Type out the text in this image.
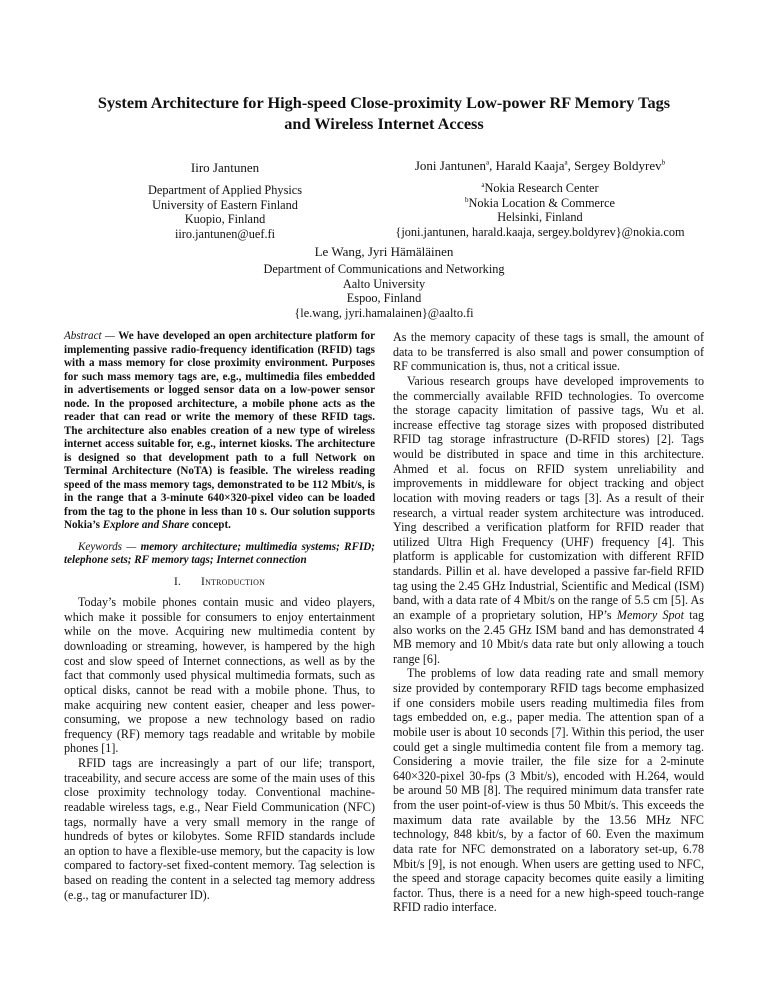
System Architecture for High-speed Close-proximity Low-power RF Memory Tags
and Wireless Internet Access
Iiro Jantunen
Department of Applied Physics
University of Eastern Finland
Kuopio, Finland
iiro.jantunen@uef.fi
Joni Jantunen$^a$, Harald Kaaja$^a$, Sergey Boldyrev$^b$
$^a$Nokia Research Center
$^b$Nokia Location & Commerce
Helsinki, Finland
{joni.jantunen, harald.kaaja, sergey.boldyrev}@nokia.com
Le Wang, Jyri Hämäläinen
Department of Communications and Networking
Aalto University
Espoo, Finland
{le.wang, jyri.hamalainen}@aalto.fi

Abstract — We have developed an open architecture platform for implementing passive radio-frequency identification (RFID) tags with a mass memory for close proximity environment. Purposes for such mass memory tags are, e.g., multimedia files embedded in advertisements or logged sensor data on a low-power sensor node. In the proposed architecture, a mobile phone acts as the reader that can read or write the memory of these RFID tags. The architecture also enables creation of a new type of wireless internet access suitable for, e.g., internet kiosks. The architecture is designed so that development path to a full Network on Terminal Architecture (NoTA) is feasible. The wireless reading speed of the mass memory tags, demonstrated to be 112 Mbit/s, is in the range that a 3-minute 640×320-pixel video can be loaded from the tag to the phone in less than 10 s. Our solution supports Nokia’s Explore and Share concept.

Keywords — memory architecture; multimedia systems; RFID; telephone sets; RF memory tags; Internet connection

I. Introduction

Today’s mobile phones contain music and video players, which make it possible for consumers to enjoy entertainment while on the move. Acquiring new multimedia content by downloading or streaming, however, is hampered by the high cost and slow speed of Internet connections, as well as by the fact that commonly used physical multimedia formats, such as optical disks, cannot be read with a mobile phone. Thus, to make acquiring new content easier, cheaper and less power-consuming, we propose a new technology based on radio frequency (RF) memory tags readable and writable by mobile phones [1].

RFID tags are increasingly a part of our life; transport, traceability, and secure access are some of the main uses of this close proximity technology today. Conventional machine-readable wireless tags, e.g., Near Field Communication (NFC) tags, normally have a very small memory in the range of hundreds of bytes or kilobytes. Some RFID standards include an option to have a flexible-use memory, but the capacity is low compared to factory-set fixed-content memory. Tag selection is based on reading the content in a selected tag memory address (e.g., tag or manufacturer ID).

As the memory capacity of these tags is small, the amount of data to be transferred is also small and power consumption of RF communication is, thus, not a critical issue.

Various research groups have developed improvements to the commercially available RFID technologies. To overcome the storage capacity limitation of passive tags, Wu et al. increase effective tag storage sizes with proposed distributed RFID tag storage infrastructure (D-RFID stores) [2]. Tags would be distributed in space and time in this architecture. Ahmed et al. focus on RFID system unreliability and improvements in middleware for object tracking and object location with moving readers or tags [3]. As a result of their research, a virtual reader system architecture was introduced. Ying described a verification platform for RFID reader that utilized Ultra High Frequency (UHF) frequency [4]. This platform is applicable for customization with different RFID standards. Pillin et al. have developed a passive far-field RFID tag using the 2.45 GHz Industrial, Scientific and Medical (ISM) band, with a data rate of 4 Mbit/s on the range of 5.5 cm [5]. As an example of a proprietary solution, HP’s Memory Spot tag also works on the 2.45 GHz ISM band and has demonstrated 4 MB memory and 10 Mbit/s data rate but only allowing a touch range [6].

The problems of low data reading rate and small memory size provided by contemporary RFID tags become emphasized if one considers mobile users reading multimedia files from tags embedded on, e.g., paper media. The attention span of a mobile user is about 10 seconds [7]. Within this period, the user could get a single multimedia content file from a memory tag. Considering a movie trailer, the file size for a 2-minute 640×320-pixel 30-fps (3 Mbit/s), encoded with H.264, would be around 50 MB [8]. The required minimum data transfer rate from the user point-of-view is thus 50 Mbit/s. This exceeds the maximum data rate available by the 13.56 MHz NFC technology, 848 kbit/s, by a factor of 60. Even the maximum data rate for NFC demonstrated on a laboratory set-up, 6.78 Mbit/s [9], is not enough. When users are getting used to NFC, the speed and storage capacity becomes quite easily a limiting factor. Thus, there is a need for a new high-speed touch-range RFID radio interface.
